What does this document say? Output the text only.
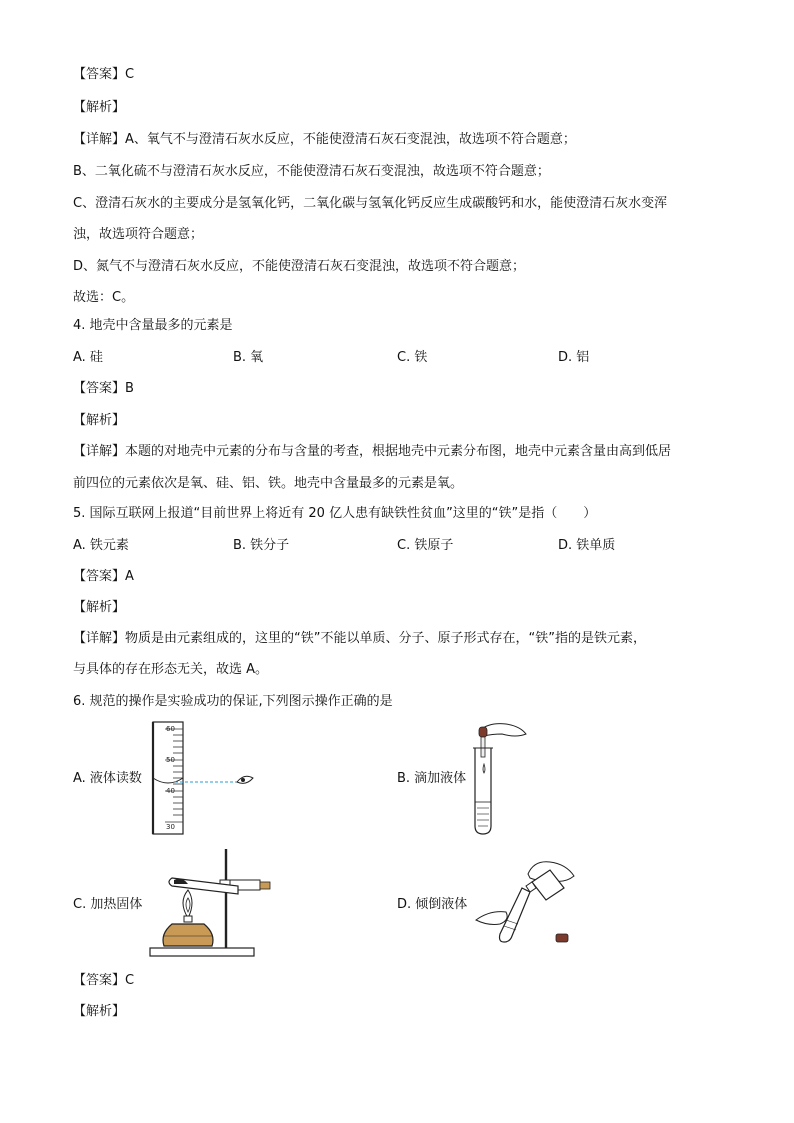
【答案】C
【解析】
【详解】A、氧气不与澄清石灰水反应，不能使澄清石灰石变混浊，故选项不符合题意；
B、二氧化硫不与澄清石灰水反应，不能使澄清石灰石变混浊，故选项不符合题意；
C、澄清石灰水的主要成分是氢氧化钙，二氧化碳与氢氧化钙反应生成碳酸钙和水，能使澄清石灰水变浑
浊，故选项符合题意；
D、氮气不与澄清石灰水反应，不能使澄清石灰石变混浊，故选项不符合题意；
故选：C。
4. 地壳中含量最多的元素是
A. 硅	B. 氧	C. 铁	D. 铝
【答案】B
【解析】
【详解】本题的对地壳中元素的分布与含量的考查，根据地壳中元素分布图，地壳中元素含量由高到低居
前四位的元素依次是氧、硅、铝、铁。地壳中含量最多的元素是氧。
5. 国际互联网上报道“目前世界上将近有 20 亿人患有缺铁性贫血”这里的“铁”是指（　　）
A. 铁元素	B. 铁分子	C. 铁原子	D. 铁单质
【答案】A
【解析】
【详解】物质是由元素组成的，这里的“铁”不能以单质、分子、原子形式存在，“铁”指的是铁元素，
与具体的存在形态无关，故选 A。
6. 规范的操作是实验成功的保证,下列图示操作正确的是
A. 液体读数	B. 滴加液体
C. 加热固体	D. 倾倒液体
60
50
40
30
【答案】C
【解析】
